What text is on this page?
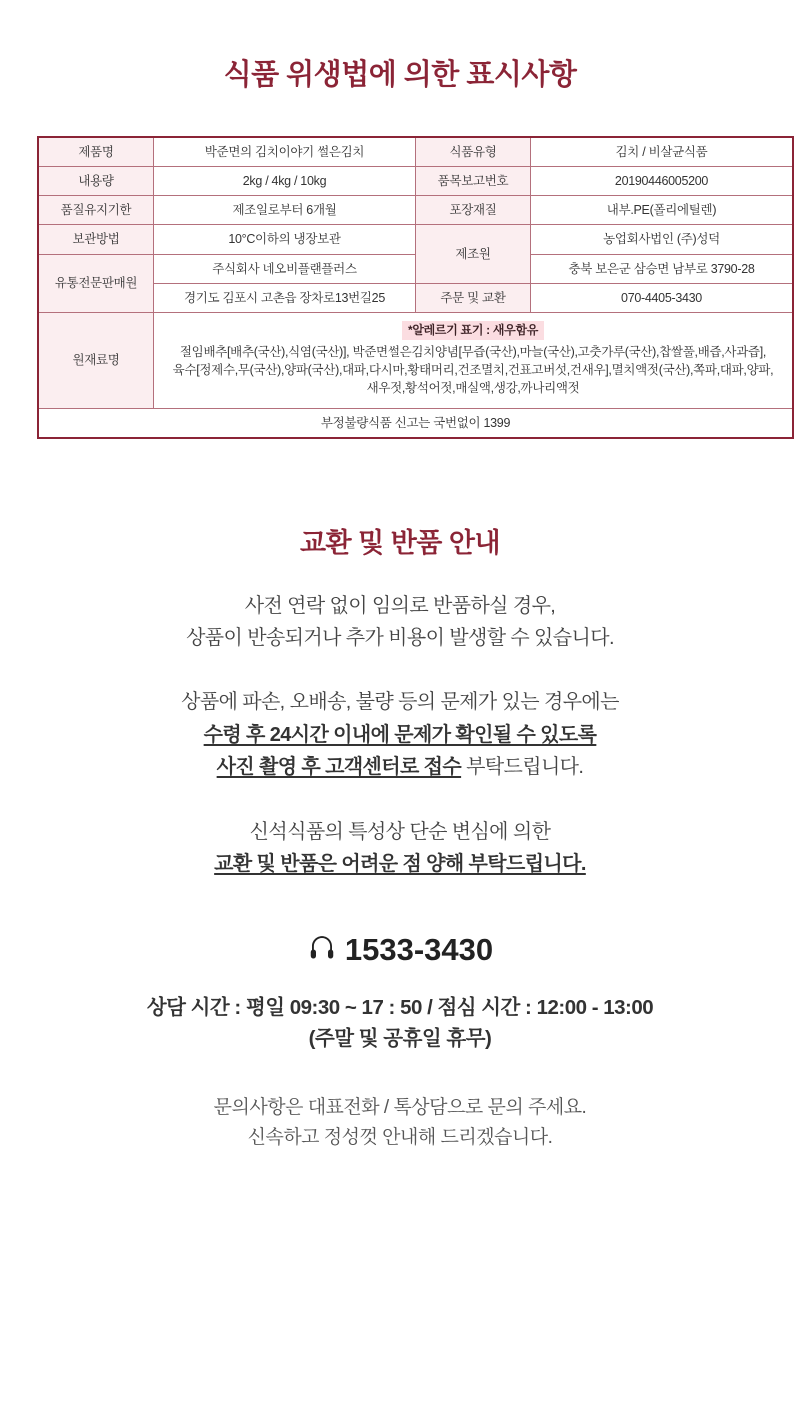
식품 위생법에 의한 표시사항
제품명	박준면의 김치이야기 썰은김치	식품유형	김치 / 비살균식품
내용량	2kg / 4kg / 10kg	품목보고번호	20190446005200
품질유지기한	제조일로부터 6개월	포장재질	내부.PE(폴리에틸렌)
보관방법	10°C이하의 냉장보관	제조원	농업회사법인 (주)성덕
유통전문판매원	주식회사 네오비플랜플러스		충북 보은군 삼승면 남부로 3790-28
	경기도 김포시 고촌읍 장차로13번길25	주문 및 교환	070-4405-3430
원재료명	*알레르기 표기 : 새우함유
절임배추[배추(국산),식염(국산)], 박준면썰은김치양념[무즙(국산),마늘(국산),고춧가루(국산),찹쌀풀,배즙,사과즙],
육수[정제수,무(국산),양파(국산),대파,다시마,황태머리,건조멸치,건표고버섯,건새우],멸치액젓(국산),쪽파,대파,양파,
새우젓,황석어젓,매실액,생강,까나리액젓		

부정불량식품 신고는 국번없이 1399			
교환 및 반품 안내
사전 연락 없이 임의로 반품하실 경우,
상품이 반송되거나 추가 비용이 발생할 수 있습니다.
상품에 파손, 오배송, 불량 등의 문제가 있는 경우에는
수령 후 24시간 이내에 문제가 확인될 수 있도록
사진 촬영 후 고객센터로 접수 부탁드립니다.
신석식품의 특성상 단순 변심에 의한
교환 및 반품은 어려운 점 양해 부탁드립니다.
1533-3430
상담 시간 : 평일 09:30 ~ 17 : 50 / 점심 시간 : 12:00 - 13:00
(주말 및 공휴일 휴무)
문의사항은 대표전화 / 톡상담으로 문의 주세요.
신속하고 정성껏 안내해 드리겠습니다.
